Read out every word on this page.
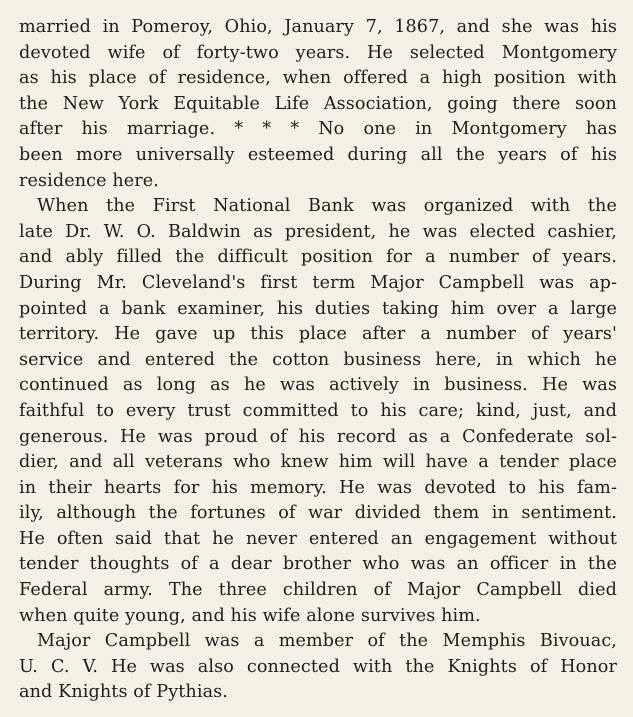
married in Pomeroy, Ohio, January 7, 1867, and she was his
devoted wife of forty-two years. He selected Montgomery
as his place of residence, when offered a high position with
the New York Equitable Life Association, going there soon
after his marriage. * * * No one in Montgomery has
been more universally esteemed during all the years of his
residence here.
When the First National Bank was organized with the
late Dr. W. O. Baldwin as president, he was elected cashier,
and ably filled the difficult position for a number of years.
During Mr. Cleveland's first term Major Campbell was ap-
pointed a bank examiner, his duties taking him over a large
territory. He gave up this place after a number of years'
service and entered the cotton business here, in which he
continued as long as he was actively in business. He was
faithful to every trust committed to his care; kind, just, and
generous. He was proud of his record as a Confederate sol-
dier, and all veterans who knew him will have a tender place
in their hearts for his memory. He was devoted to his fam-
ily, although the fortunes of war divided them in sentiment.
He often said that he never entered an engagement without
tender thoughts of a dear brother who was an officer in the
Federal army. The three children of Major Campbell died
when quite young, and his wife alone survives him.
Major Campbell was a member of the Memphis Bivouac,
U. C. V. He was also connected with the Knights of Honor
and Knights of Pythias.
